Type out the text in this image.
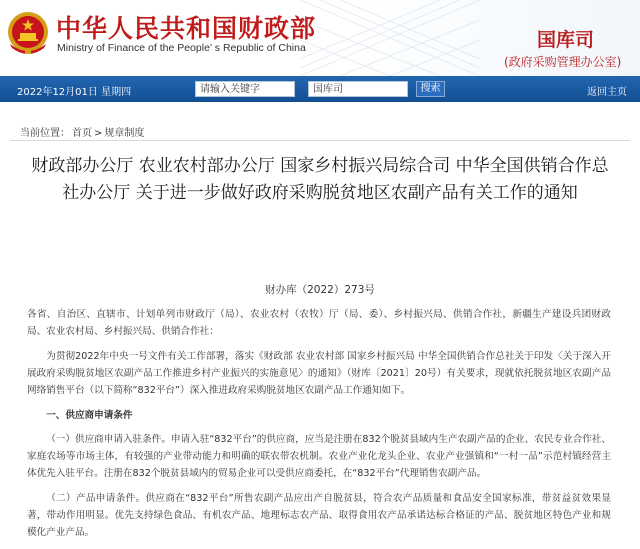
中华人民共和国财政部
Ministry of Finance of the People’ s Republic of China	国库司
(政府采购管理办公室)
2022年12月01日 星期四	请输入关键字	国库司	搜索	返回主页
当前位置： 首页 > 规章制度
财政部办公厅 农业农村部办公厅 国家乡村振兴局综合司 中华全国供销合作总社办公厅 关于进一步做好政府采购脱贫地区农副产品有关工作的通知
财办库（2022）273号
各省、自治区、直辖市、计划单列市财政厅（局）、农业农村（农牧）厅（局、委）、乡村振兴局、供销合作社，新疆生产建设兵团财政局、农业农村局、乡村振兴局、供销合作社：
为贯彻2022年中央一号文件有关工作部署，落实《财政部 农业农村部 国家乡村振兴局 中华全国供销合作总社关于印发〈关于深入开展政府采购脱贫地区农副产品工作推进乡村产业振兴的实施意见〉的通知》（财库〔2021〕20号）有关要求，现就依托脱贫地区农副产品网络销售平台（以下简称“832平台”）深入推进政府采购脱贫地区农副产品工作通知如下。
一、供应商申请条件
（一）供应商申请入驻条件。申请入驻“832平台”的供应商，应当是注册在832个脱贫县域内生产农副产品的企业、农民专业合作社、家庭农场等市场主体，有较强的产业带动能力和明确的联农带农机制。农业产业化龙头企业、农业产业强镇和“一村一品”示范村镇经营主体优先入驻平台。注册在832个脱贫县域内的贸易企业可以受供应商委托，在“832平台”代理销售农副产品。
（二）产品申请条件。供应商在“832平台”所售农副产品应出产自脱贫县，符合农产品质量和食品安全国家标准，带贫益贫效果显著，带动作用明显。优先支持绿色食品、有机农产品、地理标志农产品、取得食用农产品承诺达标合格证的产品、脱贫地区特色产业和规模化产业产品。
